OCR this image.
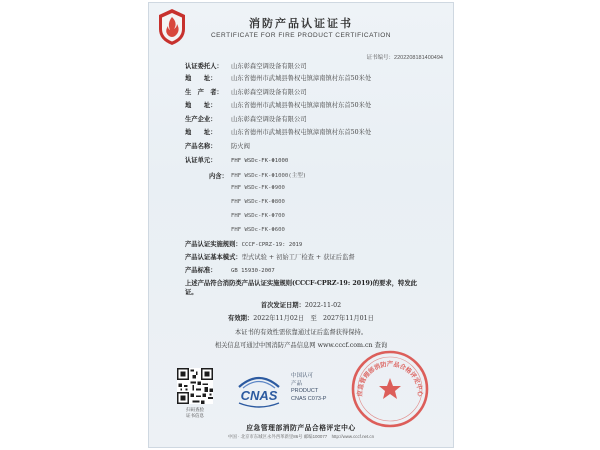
消防产品认证证书
CERTIFICATE FOR FIRE PRODUCT CERTIFICATION
证书编号：2202208181400494
认证委托人： 山东彰森空调设备有限公司
地　　址： 山东省德州市武城县鲁权屯镇漳南镇村东首50米处
生　产　者： 山东彰森空调设备有限公司
地　　址： 山东省德州市武城县鲁权屯镇漳南镇村东首50米处
生产企业： 山东彰森空调设备有限公司
地　　址： 山东省德州市武城县鲁权屯镇漳南镇村东首50米处
产品名称： 防火阀
认证单元：	FHF WSDc-FK-Φ1000
内含： FHF WSDc-FK-Φ1000(主型)
FHF WSDc-FK-Φ900
FHF WSDc-FK-Φ800
FHF WSDc-FK-Φ700
FHF WSDc-FK-Φ600
产品认证实施规则：CCCF-CPRZ-19: 2019
产品认证基本模式：型式试验 + 初始工厂检查 + 获证后监督
产品标准：	GB 15930-2007
上述产品符合消防类产品认证实施规则(CCCF-CPRZ-19: 2019)的要求，特发此证。
首次发证日期：2022-11-02
有效期：2022年11月02日　至　2027年11月01日
本证书的有效性需依靠通过证后监督获得保持。
相关信息可通过中国消防产品信息网 www.cccf.com.cn 查询
扫码查验
证书信息
CNAS
中国认可
产品
PRODUCT
CNAS C073-P
应急管理部消防产品合格评定中心
应急管理部消防产品合格评定中心
中国 · 北京市东城区永外西革新里86号 邮编100077　http://www.cccf.net.cn
